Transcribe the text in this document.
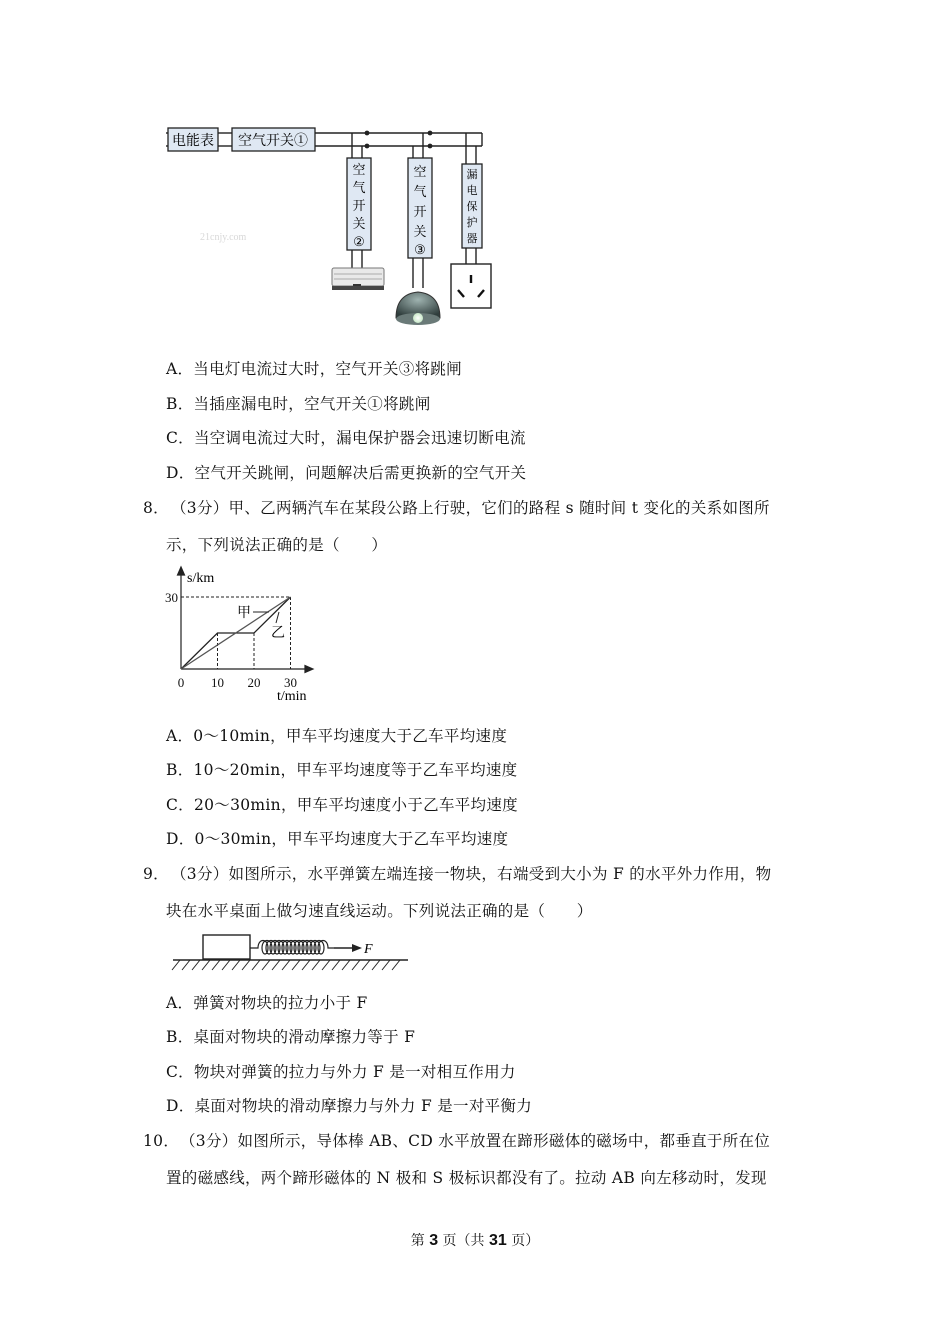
电能表 空气开关①
空
气
开
关
②
空
气
开
关
③
漏
电
保
护
器
21cnjy.com
A．当电灯电流过大时，空气开关③将跳闸
B．当插座漏电时，空气开关①将跳闸
C．当空调电流过大时，漏电保护器会迅速切断电流
D．空气开关跳闸，问题解决后需更换新的空气开关
8． （3分）甲、乙两辆汽车在某段公路上行驶，它们的路程 s 随时间 t 变化的关系如图所
示，下列说法正确的是（　　）
0 10 20 30
30
s/km
t/min
甲
乙
A．0～10min，甲车平均速度大于乙车平均速度
B．10～20min，甲车平均速度等于乙车平均速度
C．20～30min，甲车平均速度小于乙车平均速度
D．0～30min，甲车平均速度大于乙车平均速度
9． （3分）如图所示，水平弹簧左端连接一物块，右端受到大小为 F 的水平外力作用，物
块在水平桌面上做匀速直线运动。下列说法正确的是（　　）
F
A．弹簧对物块的拉力小于 F
B．桌面对物块的滑动摩擦力等于 F
C．物块对弹簧的拉力与外力 F 是一对相互作用力
D．桌面对物块的滑动摩擦力与外力 F 是一对平衡力
10． （3分）如图所示，导体棒 AB、CD 水平放置在蹄形磁体的磁场中，都垂直于所在位
置的磁感线，两个蹄形磁体的 N 极和 S 极标识都没有了。拉动 AB 向左移动时，发现
第 3 页（共 31 页）
